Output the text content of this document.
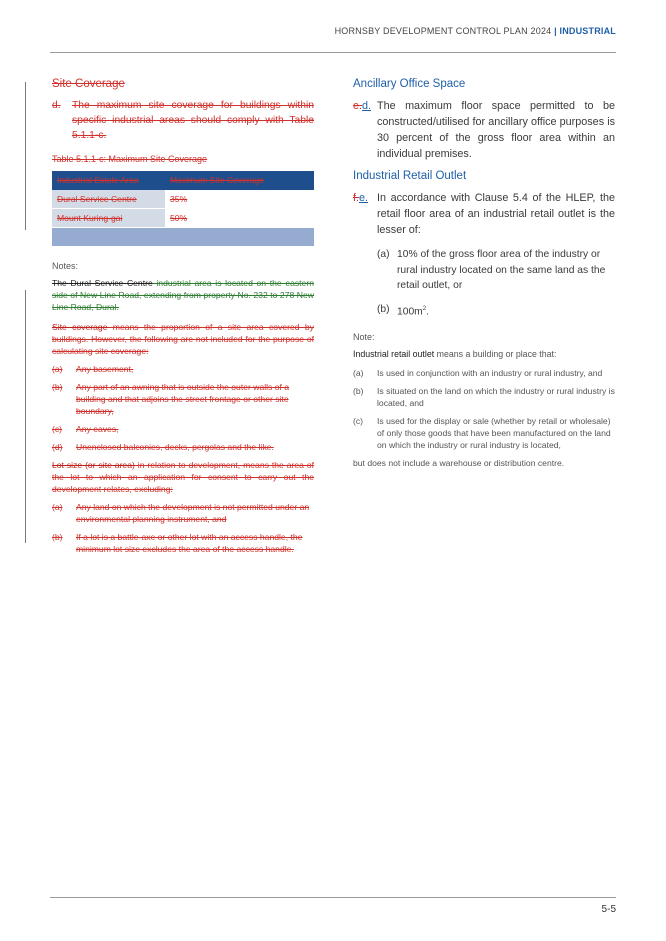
HORNSBY DEVELOPMENT CONTROL PLAN 2024 | INDUSTRIAL
Site Coverage
d.	The maximum site coverage for buildings within specific industrial areas should comply with Table 5.1.1-c.
Table 5.1.1-c: Maximum Site Coverage
Industrial Estate Area	Maximum Site Coverage
Dural Service Centre	35%
Mount Kuring-gai	50%

Notes:

The Dural Service Centre industrial area is located on the eastern side of New Line Road, extending from property No. 232 to 278 New Line Road, Dural.

Site coverage means the proportion of a site area covered by buildings. However, the following are not included for the purpose of calculating site coverage:

(a)	Any basement,
(b)	Any part of an awning that is outside the outer walls of a building and that adjoins the street frontage or other site boundary,
(c)	Any eaves,
(d)	Unenclosed balconies, decks, pergolas and the like.

Lot size (or site area) in relation to development, means the area of the lot to which an application for consent to carry out the development relates, excluding:

(a)	Any land on which the development is not permitted under an environmental planning instrument, and
(b)	If a lot is a battle-axe or other lot with an access handle, the minimum lot size excludes the area of the access handle.
Ancillary Office Space
e.d. The maximum floor space permitted to be constructed/utilised for ancillary office purposes is 30 percent of the gross floor area within an individual premises.
Industrial Retail Outlet
f.e. In accordance with Clause 5.4 of the HLEP, the retail floor area of an industrial retail outlet is the lesser of:
(a) 10% of the gross floor area of the industry or rural industry located on the same land as the retail outlet, or
(b) $100m^2$.
Note:

Industrial retail outlet means a building or place that:

(a)	Is used in conjunction with an industry or rural industry, and
(b)	Is situated on the land on which the industry or rural industry is located, and
(c)	Is used for the display or sale (whether by retail or wholesale) of only those goods that have been manufactured on the land on which the industry or rural industry is located,

but does not include a warehouse or distribution centre.

5-5
